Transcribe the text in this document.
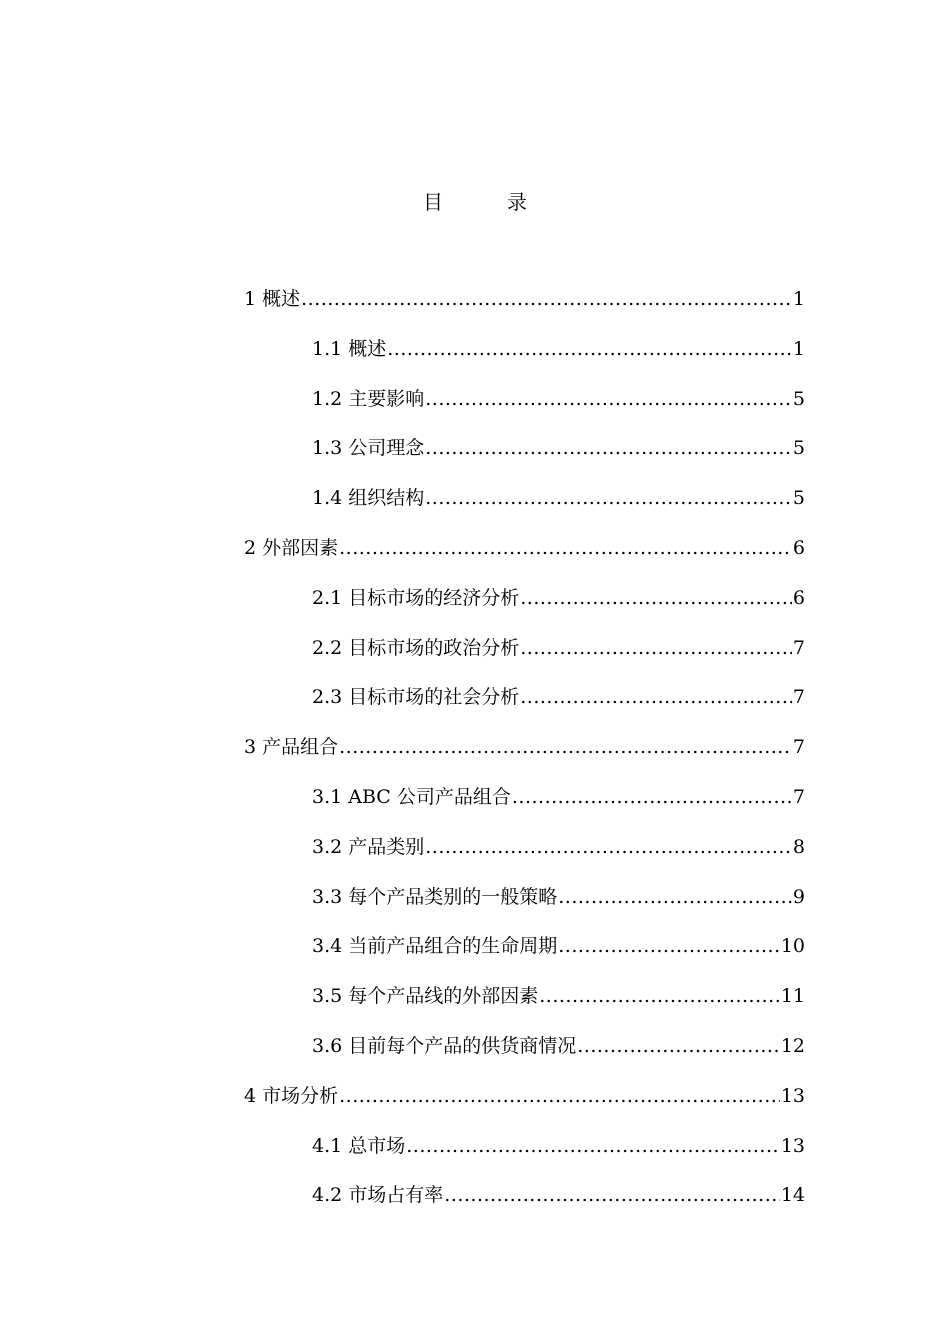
目	录
1 概述 .....	1
1.1 概述 .....	1
1.2 主要影响 .....	5
1.3 公司理念 .....	5
1.4 组织结构 .....	5
2 外部因素 .....	6
2.1 目标市场的经济分析 .....	6
2.2 目标市场的政治分析 .....	7
2.3 目标市场的社会分析 .....	7
3 产品组合 .....	7
3.1 ABC 公司产品组合 .....	7
3.2 产品类别 .....	8
3.3 每个产品类别的一般策略 .....	9
3.4 当前产品组合的生命周期 .....	10
3.5 每个产品线的外部因素 .....	11
3.6 目前每个产品的供货商情况 .....	12
4 市场分析 .....	13
4.1 总市场 .....	13
4.2 市场占有率 .....	14
